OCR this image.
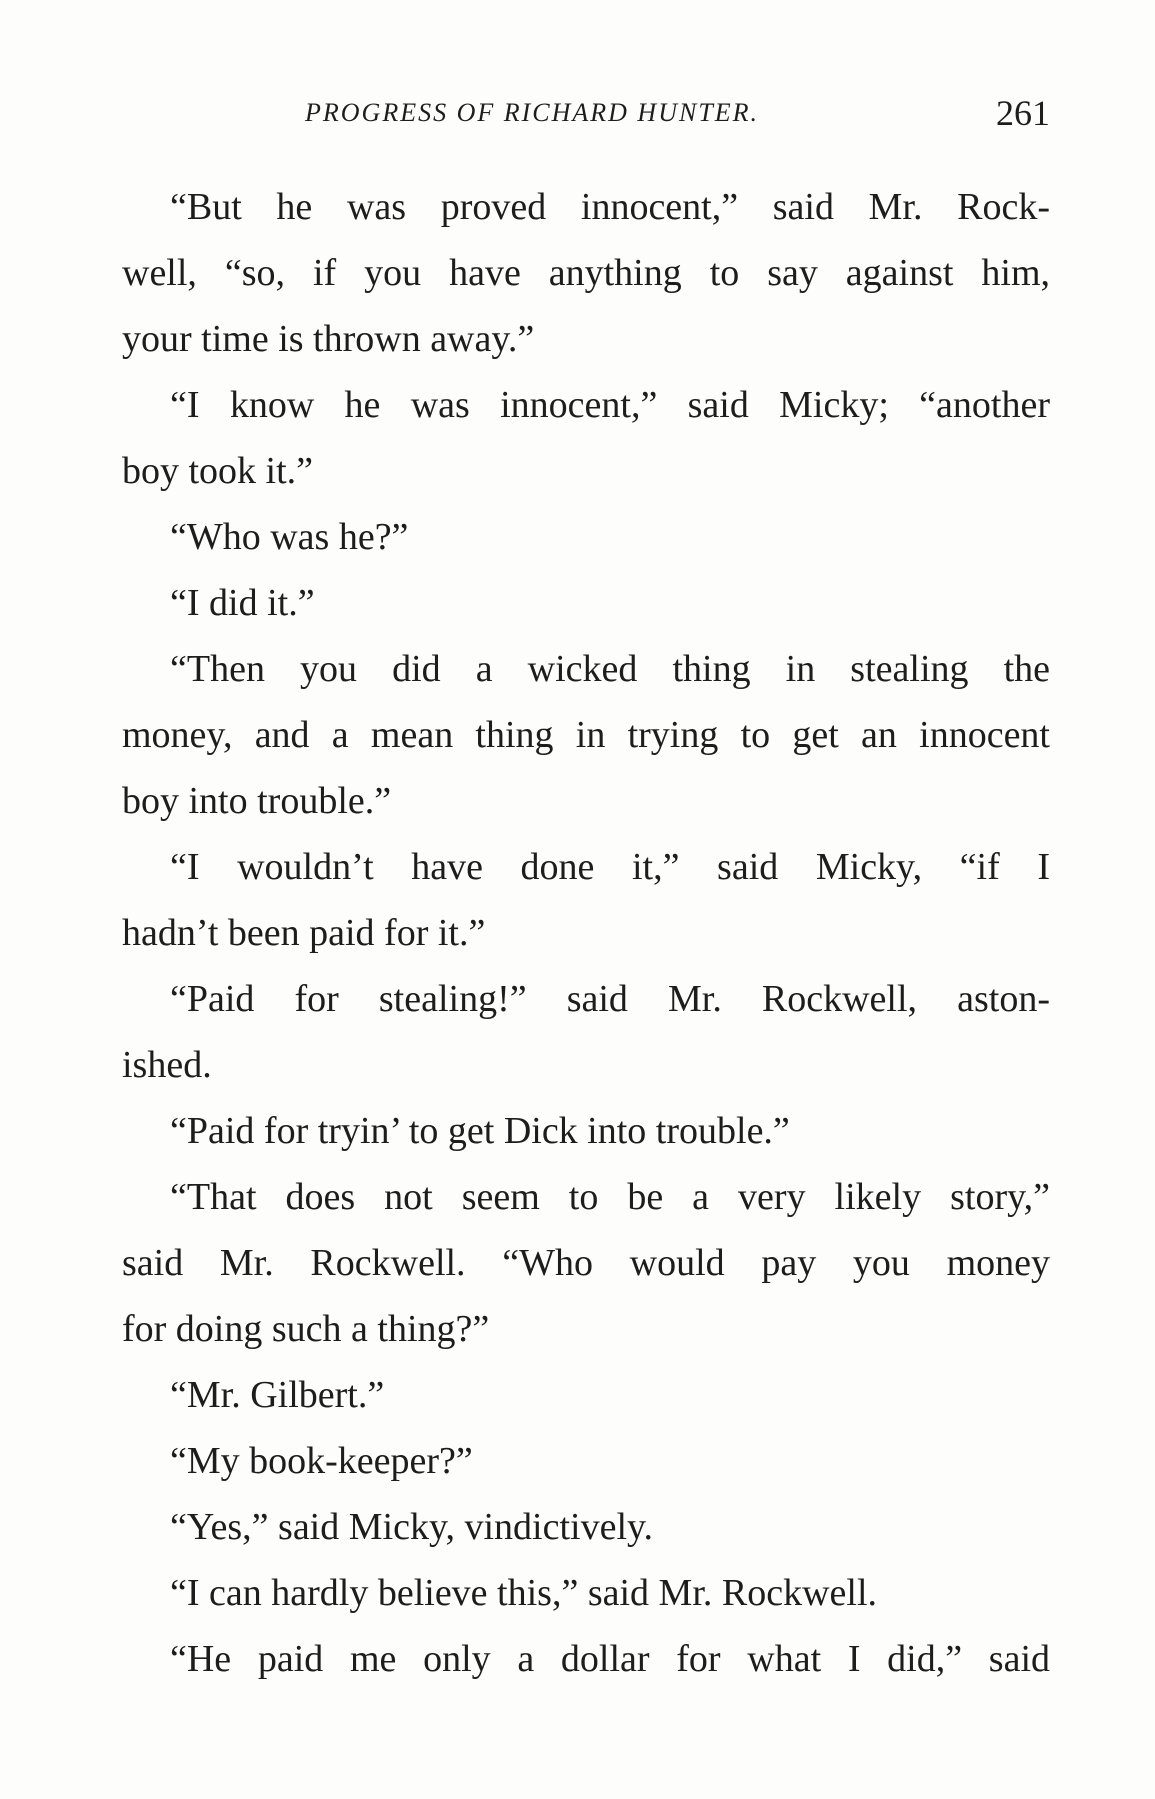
PROGRESS OF RICHARD HUNTER.	261
“But he was proved innocent,” said Mr. Rock-
well, “so, if you have anything to say against him,
your time is thrown away.”
“I know he was innocent,” said Micky; “another
boy took it.”
“Who was he?”
“I did it.”
“Then you did a wicked thing in stealing the
money, and a mean thing in trying to get an innocent
boy into trouble.”
“I wouldn’t have done it,” said Micky, “if I
hadn’t been paid for it.”
“Paid for stealing!” said Mr. Rockwell, aston-
ished.
“Paid for tryin’ to get Dick into trouble.”
“That does not seem to be a very likely story,”
said Mr. Rockwell. “Who would pay you money
for doing such a thing?”
“Mr. Gilbert.”
“My book-keeper?”
“Yes,” said Micky, vindictively.
“I can hardly believe this,” said Mr. Rockwell.
“He paid me only a dollar for what I did,” said
